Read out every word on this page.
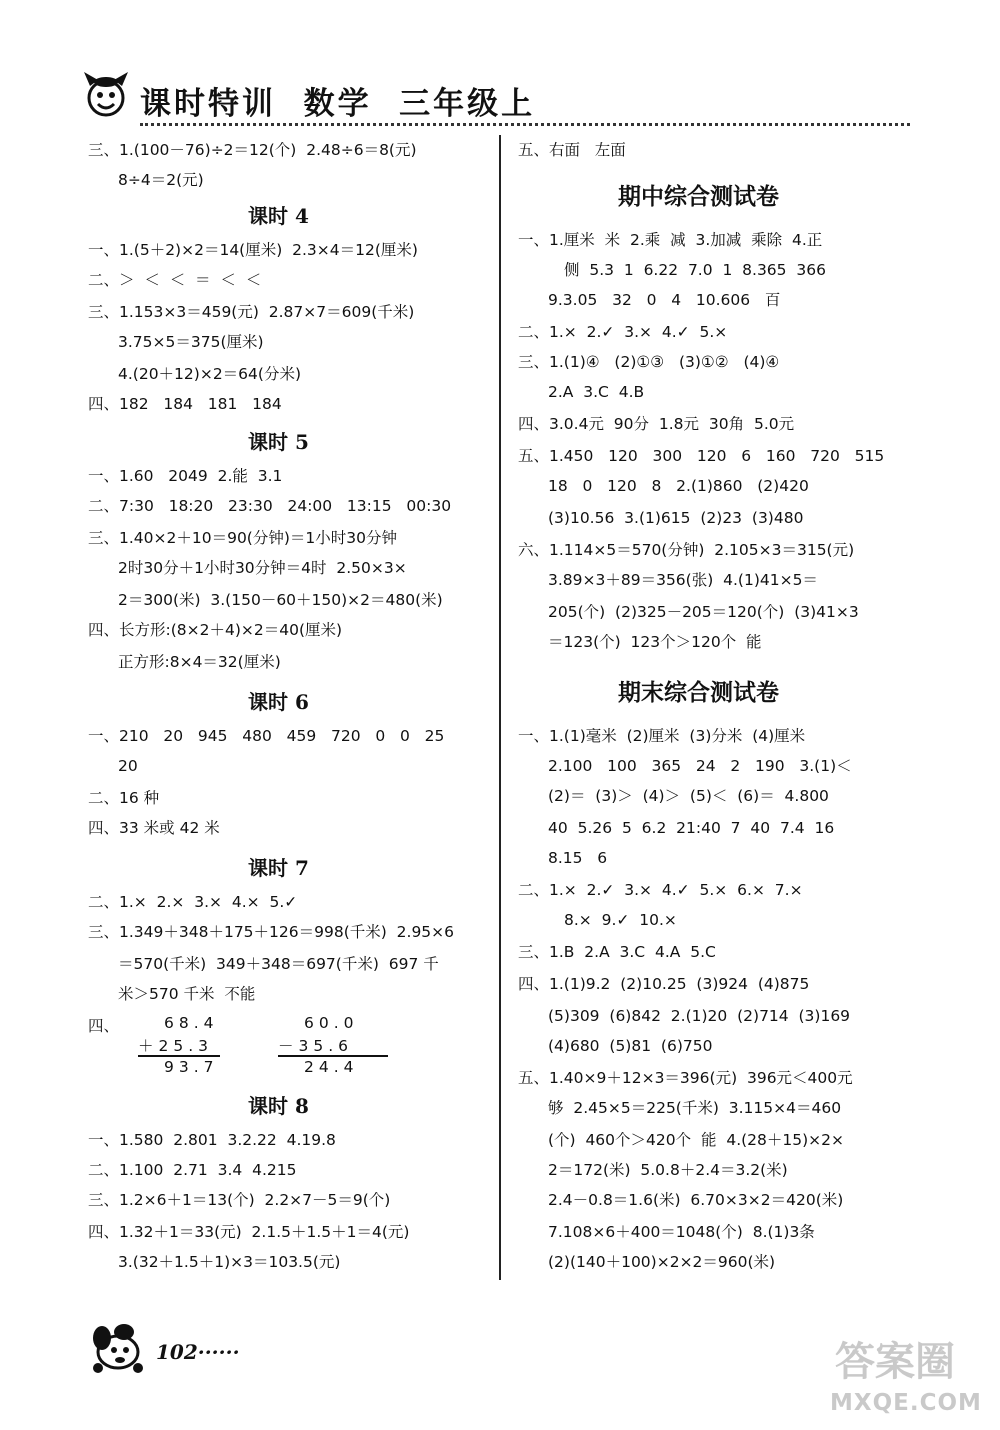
课时特训  数学  三年级上
三、1.(100－76)÷2＝12(个)  2.48÷6＝8(元)
8÷4＝2(元)
课时 4
一、1.(5＋2)×2＝14(厘米)  2.3×4＝12(厘米)
二、＞  ＜  ＜  ＝  ＜  ＜
三、1.153×3＝459(元)  2.87×7＝609(千米)
3.75×5＝375(厘米)
4.(20＋12)×2＝64(分米)
四、182   184   181   184
课时 5
一、1.60   2049  2.能  3.1
二、7:30   18:20   23:30   24:00   13:15   00:30
三、1.40×2＋10＝90(分钟)＝1小时30分钟
2时30分＋1小时30分钟＝4时  2.50×3×
2＝300(米)  3.(150－60＋150)×2＝480(米)
四、长方形:(8×2＋4)×2＝40(厘米)
正方形:8×4＝32(厘米)
课时 6
一、210   20   945   480   459   720   0   0   25
20
二、16 种
四、33 米或 42 米
课时 7
二、1.×  2.×  3.×  4.×  5.✓
三、1.349＋348＋175＋126＝998(千米)  2.95×6
＝570(千米)  349＋348＝697(千米)  697 千
米＞570 千米  不能
四、	68.4
＋25.3
93.7
60.0
－35.6
24.4
课时 8
一、1.580  2.801  3.2.22  4.19.8
二、1.100  2.71  3.4  4.215
三、1.2×6＋1＝13(个)  2.2×7－5＝9(个)
四、1.32＋1＝33(元)  2.1.5＋1.5＋1＝4(元)
3.(32＋1.5＋1)×3＝103.5(元)
五、右面   左面
期中综合测试卷
一、1.厘米  米  2.乘  减  3.加减  乘除  4.正
侧  5.3  1  6.22  7.0  1  8.365  366
9.3.05   32   0   4   10.606   百
二、1.×  2.✓  3.×  4.✓  5.×
三、1.(1)④   (2)①③   (3)①②   (4)④
2.A  3.C  4.B
四、3.0.4元  90分  1.8元  30角  5.0元
五、1.450   120   300   120   6   160   720   515
18   0   120   8   2.(1)860   (2)420
(3)10.56  3.(1)615  (2)23  (3)480
六、1.114×5＝570(分钟)  2.105×3＝315(元)
3.89×3＋89＝356(张)  4.(1)41×5＝
205(个)  (2)325－205＝120(个)  (3)41×3
＝123(个)  123个＞120个  能
期末综合测试卷
一、1.(1)毫米  (2)厘米  (3)分米  (4)厘米
2.100   100   365   24   2   190   3.(1)＜
(2)＝  (3)＞  (4)＞  (5)＜  (6)＝  4.800
40  5.26  5  6.2  21:40  7  40  7.4  16
8.15   6
二、1.×  2.✓  3.×  4.✓  5.×  6.×  7.×
8.×  9.✓  10.×
三、1.B  2.A  3.C  4.A  5.C
四、1.(1)9.2  (2)10.25  (3)924  (4)875
(5)309  (6)842  2.(1)20  (2)714  (3)169
(4)680  (5)81  (6)750
五、1.40×9＋12×3＝396(元)  396元＜400元
够  2.45×5＝225(千米)  3.115×4＝460
(个)  460个＞420个  能  4.(28＋15)×2×
2＝172(米)  5.0.8＋2.4＝3.2(米)
2.4－0.8＝1.6(米)  6.70×3×2＝420(米)
7.108×6＋400＝1048(个)  8.(1)3条
(2)(140＋100)×2×2＝960(米)
102······	答案圈
MXQE.COM
